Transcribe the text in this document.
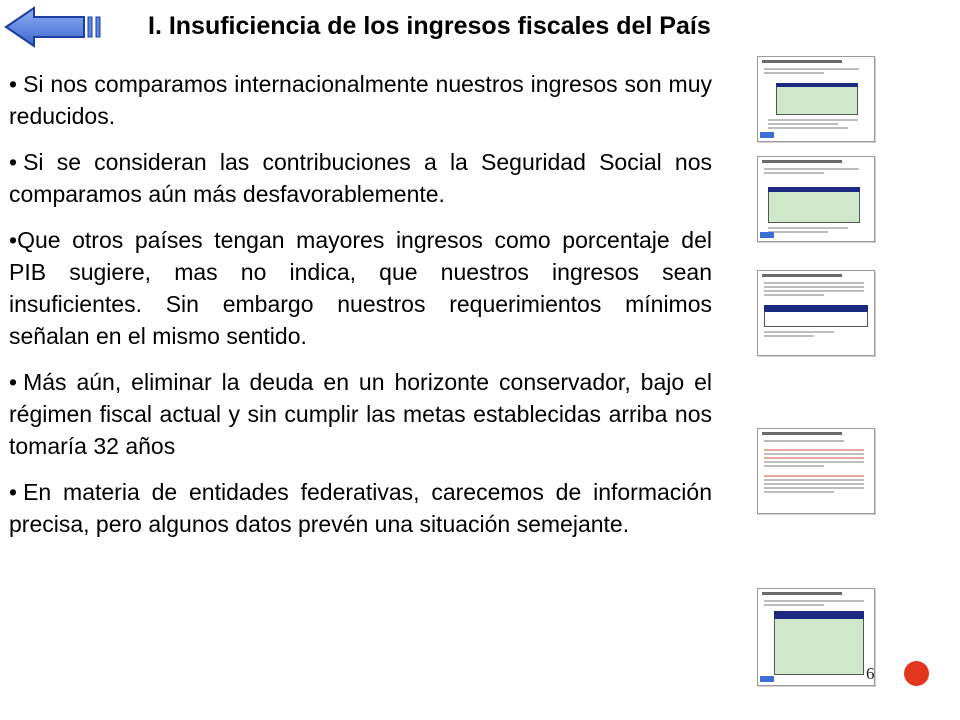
I. Insuficiencia de los ingresos fiscales del País

• Si nos comparamos internacionalmente nuestros ingresos son muy reducidos.

• Si se consideran las contribuciones a la Seguridad Social nos comparamos aún más desfavorablemente.

•Que otros países tengan mayores ingresos como porcentaje del PIB sugiere, mas no indica, que nuestros ingresos sean insuficientes. Sin embargo nuestros requerimientos mínimos señalan en el mismo sentido.

• Más aún, eliminar la deuda en un horizonte conservador, bajo el régimen fiscal actual y sin cumplir las metas establecidas arriba nos tomaría 32 años

• En materia de entidades federativas, carecemos de información precisa, pero algunos datos prevén una situación semejante.

6
